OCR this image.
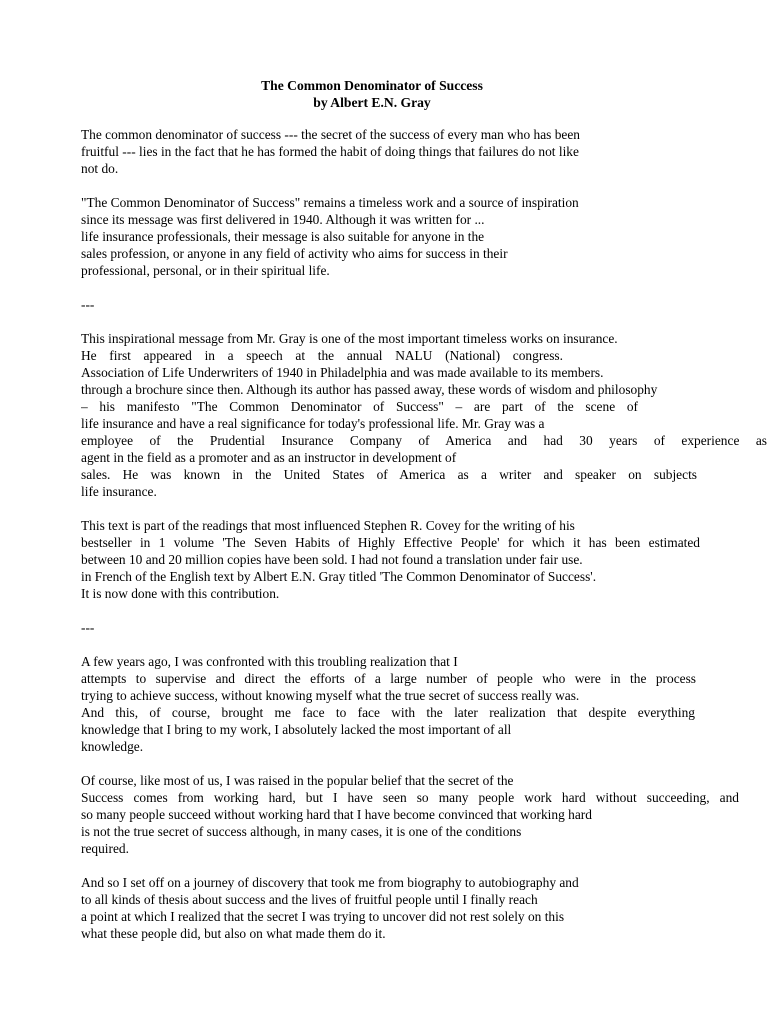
The Common Denominator of Success
by Albert E.N. Gray
The common denominator of success --- the secret of the success of every man who has been
fruitful --- lies in the fact that he has formed the habit of doing things that failures do not like
not do.
"The Common Denominator of Success" remains a timeless work and a source of inspiration
since its message was first delivered in 1940. Although it was written for ...
life insurance professionals, their message is also suitable for anyone in the
sales profession, or anyone in any field of activity who aims for success in their
professional, personal, or in their spiritual life.
---
This inspirational message from Mr. Gray is one of the most important timeless works on insurance.
He first appeared in a speech at the annual NALU (National) congress.
Association of Life Underwriters of 1940 in Philadelphia and was made available to its members.
through a brochure since then. Although its author has passed away, these words of wisdom and philosophy
– his manifesto "The Common Denominator of Success" – are part of the scene of
life insurance and have a real significance for today's professional life. Mr. Gray was a
employee of the Prudential Insurance Company of America and had 30 years of experience as
agent in the field as a promoter and as an instructor in development of
sales. He was known in the United States of America as a writer and speaker on subjects
life insurance.
This text is part of the readings that most influenced Stephen R. Covey for the writing of his
bestseller in 1 volume 'The Seven Habits of Highly Effective People' for which it has been estimated
between 10 and 20 million copies have been sold. I had not found a translation under fair use.
in French of the English text by Albert E.N. Gray titled 'The Common Denominator of Success'.
It is now done with this contribution.
---
A few years ago, I was confronted with this troubling realization that I
attempts to supervise and direct the efforts of a large number of people who were in the process
trying to achieve success, without knowing myself what the true secret of success really was.
And this, of course, brought me face to face with the later realization that despite everything
knowledge that I bring to my work, I absolutely lacked the most important of all
knowledge.
Of course, like most of us, I was raised in the popular belief that the secret of the
Success comes from working hard, but I have seen so many people work hard without succeeding, and
so many people succeed without working hard that I have become convinced that working hard
is not the true secret of success although, in many cases, it is one of the conditions
required.
And so I set off on a journey of discovery that took me from biography to autobiography and
to all kinds of thesis about success and the lives of fruitful people until I finally reach
a point at which I realized that the secret I was trying to uncover did not rest solely on this
what these people did, but also on what made them do it.
